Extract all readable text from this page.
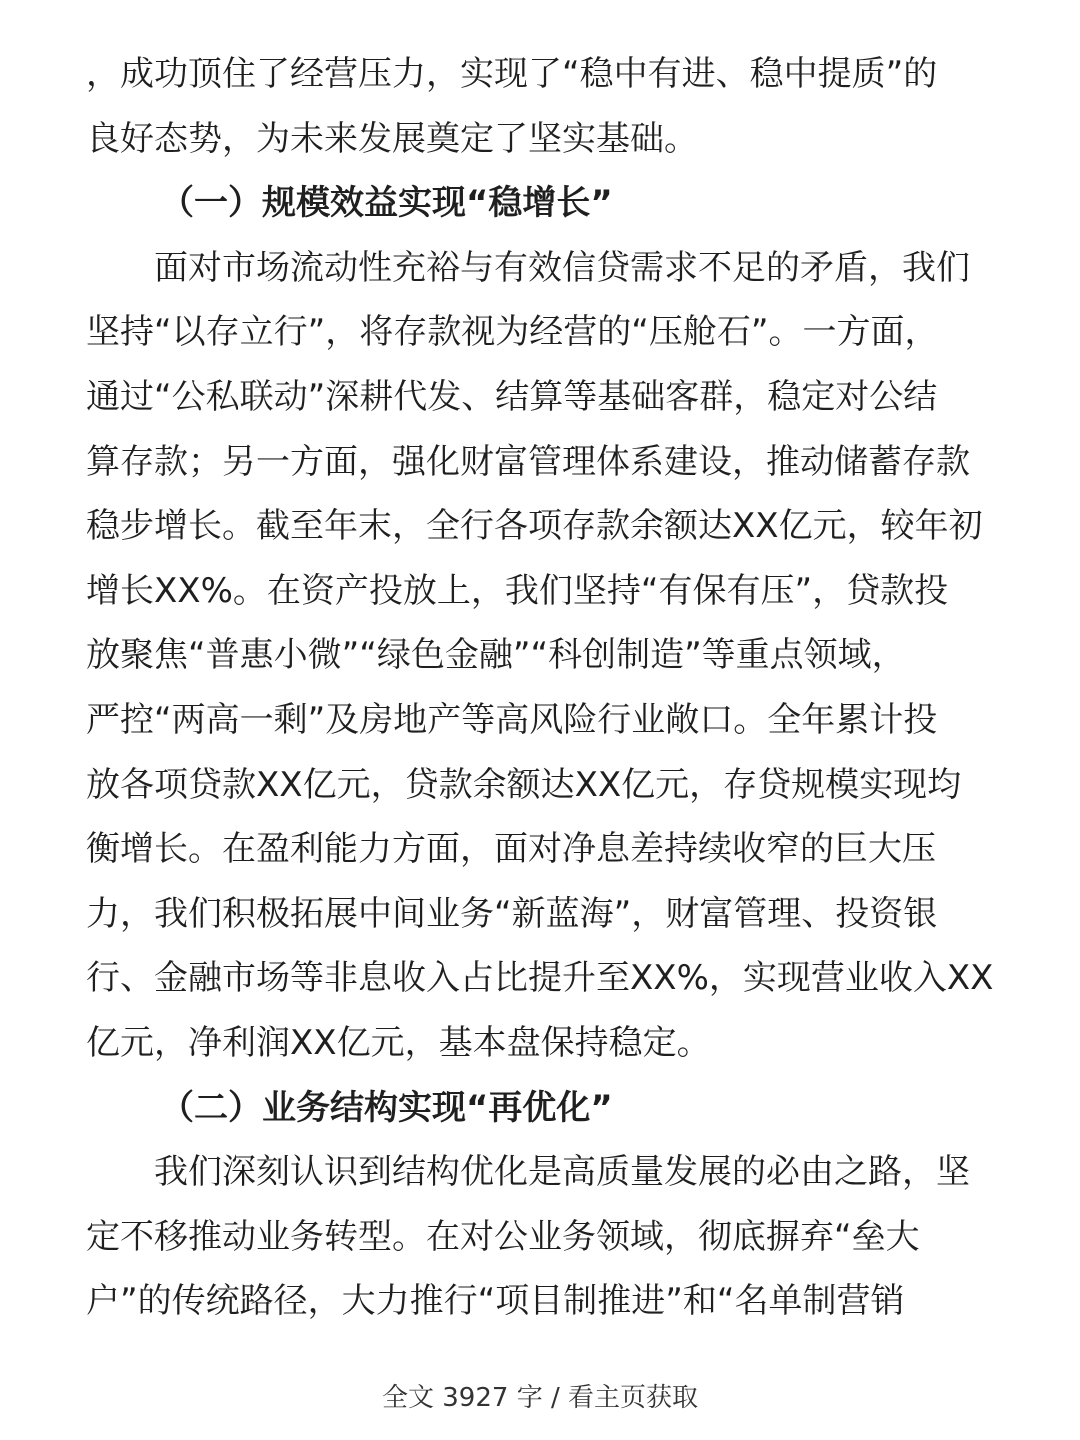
，成功顶住了经营压力，实现了“稳中有进、稳中提质”的
良好态势，为未来发展奠定了坚实基础。
（一）规模效益实现“稳增长”
面对市场流动性充裕与有效信贷需求不足的矛盾，我们
坚持“以存立行”，将存款视为经营的“压舱石”。一方面，
通过“公私联动”深耕代发、结算等基础客群，稳定对公结
算存款；另一方面，强化财富管理体系建设，推动储蓄存款
稳步增长。截至年末，全行各项存款余额达XX亿元，较年初
增长XX%。在资产投放上，我们坚持“有保有压”，贷款投
放聚焦“普惠小微”“绿色金融”“科创制造”等重点领域，
严控“两高一剩”及房地产等高风险行业敞口。全年累计投
放各项贷款XX亿元，贷款余额达XX亿元，存贷规模实现均
衡增长。在盈利能力方面，面对净息差持续收窄的巨大压
力，我们积极拓展中间业务“新蓝海”，财富管理、投资银
行、金融市场等非息收入占比提升至XX%，实现营业收入XX
亿元，净利润XX亿元，基本盘保持稳定。
（二）业务结构实现“再优化”
我们深刻认识到结构优化是高质量发展的必由之路，坚
定不移推动业务转型。在对公业务领域，彻底摒弃“垒大
户”的传统路径，大力推行“项目制推进”和“名单制营销
全文 3927 字 / 看主页获取
